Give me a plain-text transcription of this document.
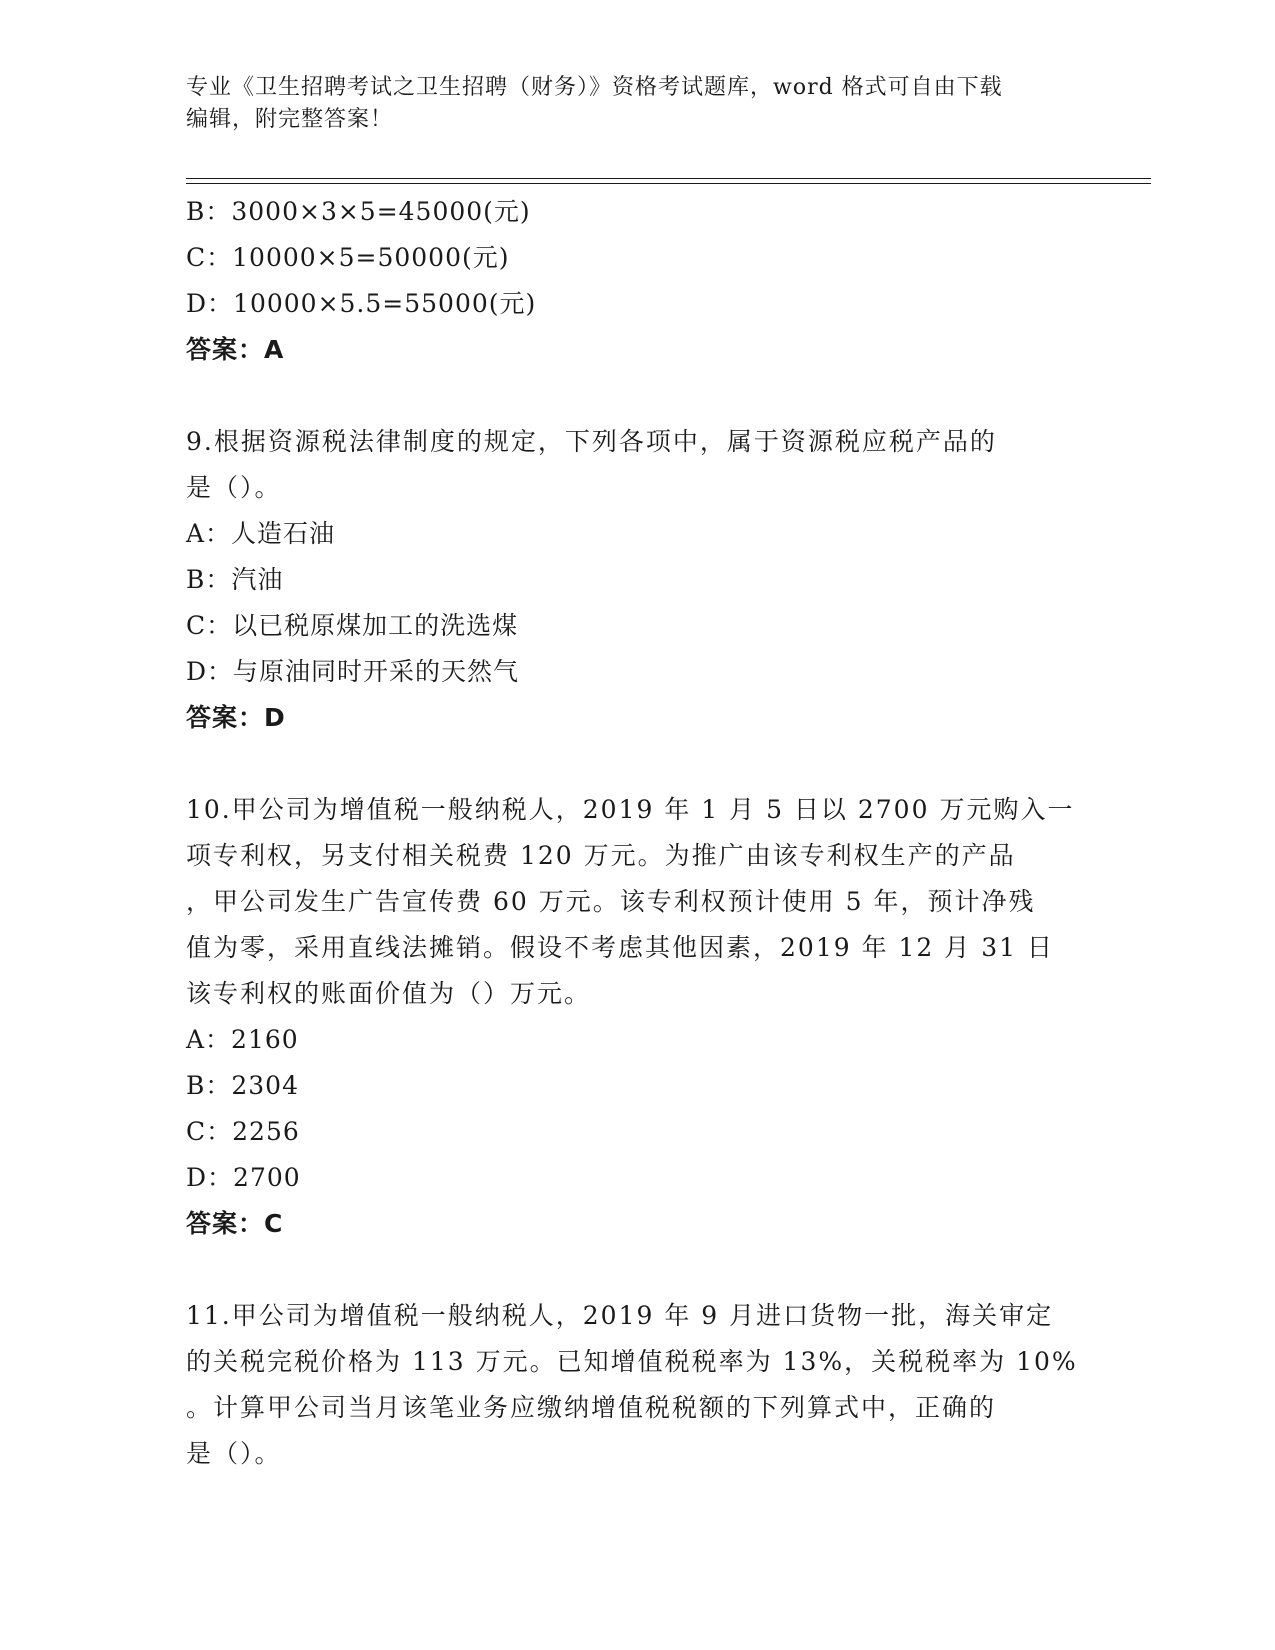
专业《卫生招聘考试之卫生招聘（财务）》资格考试题库，word 格式可自由下载
编辑，附完整答案！
B：3000×3×5=45000(元)
C：10000×5=50000(元)
D：10000×5.5=55000(元)
答案：A
9.根据资源税法律制度的规定，下列各项中，属于资源税应税产品的
是（）。
A：人造石油
B：汽油
C：以已税原煤加工的洗选煤
D：与原油同时开采的天然气
答案：D
10.甲公司为增值税一般纳税人，2019 年 1 月 5 日以 2700 万元购入一
项专利权，另支付相关税费 120 万元。为推广由该专利权生产的产品
，甲公司发生广告宣传费 60 万元。该专利权预计使用 5 年，预计净残
值为零，采用直线法摊销。假设不考虑其他因素，2019 年 12 月 31 日
该专利权的账面价值为（）万元。
A：2160
B：2304
C：2256
D：2700
答案：C
11.甲公司为增值税一般纳税人，2019 年 9 月进口货物一批，海关审定
的关税完税价格为 113 万元。已知增值税税率为 13%，关税税率为 10%
。计算甲公司当月该笔业务应缴纳增值税税额的下列算式中，正确的
是（）。
